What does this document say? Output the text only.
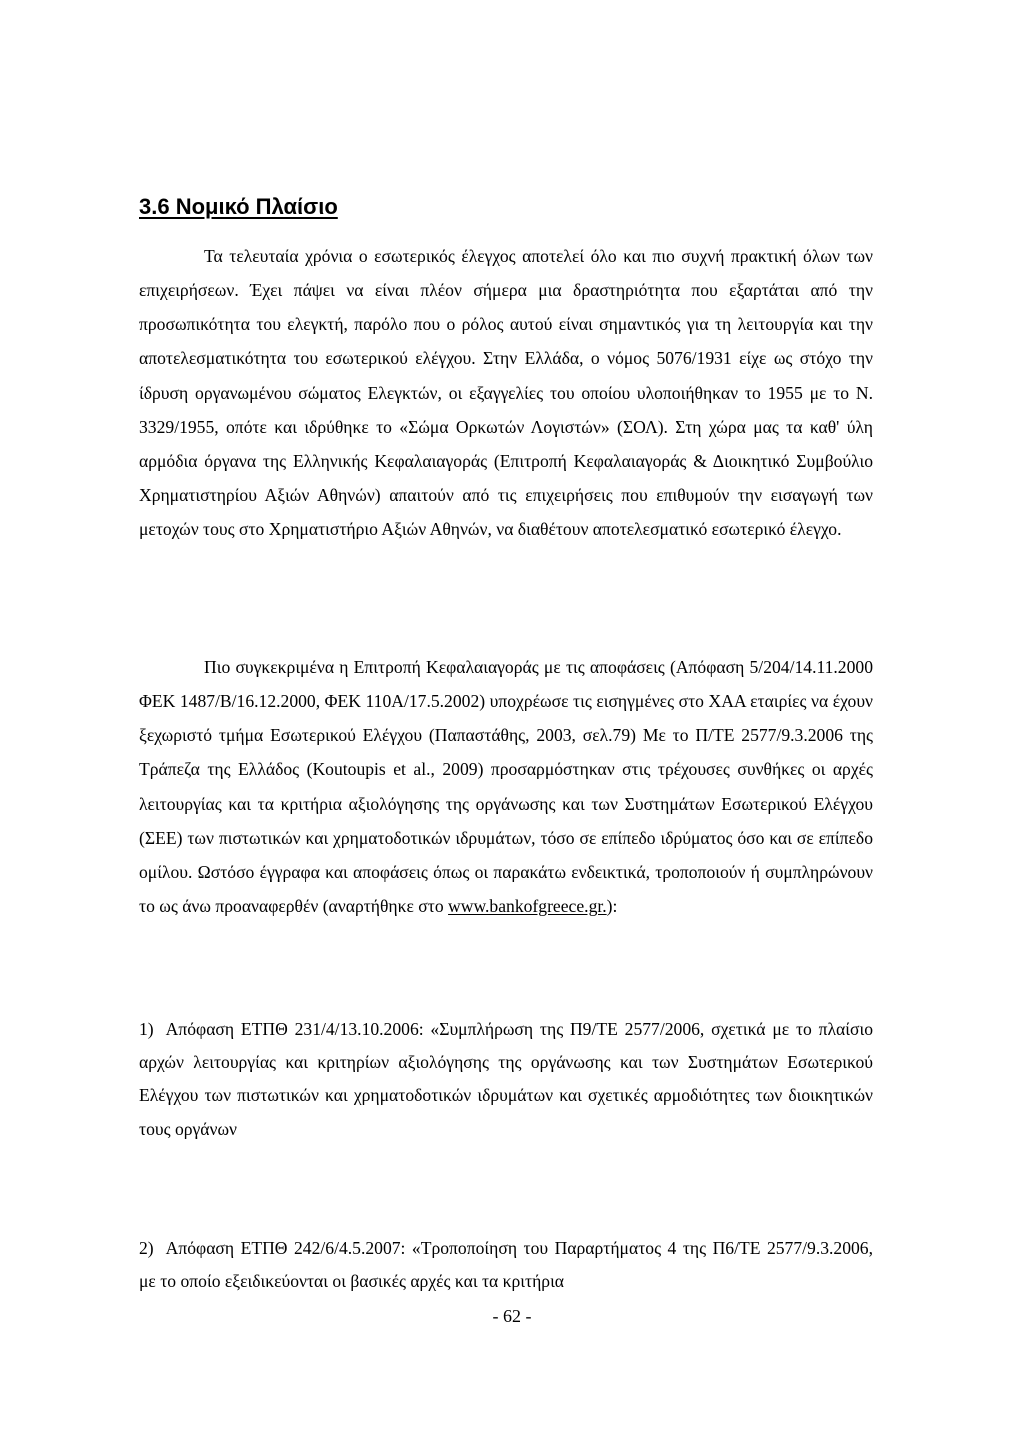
3.6 Νομικό Πλαίσιο

Τα τελευταία χρόνια ο εσωτερικός έλεγχος αποτελεί όλο και πιο συχνή πρακτική όλων των επιχειρήσεων. Έχει πάψει να είναι πλέον σήμερα μια δραστηριότητα που εξαρτάται από την προσωπικότητα του ελεγκτή, παρόλο που ο ρόλος αυτού είναι σημαντικός για τη λειτουργία και την αποτελεσματικότητα του εσωτερικού ελέγχου. Στην Ελλάδα, ο νόμος 5076/1931 είχε ως στόχο την ίδρυση οργανωμένου σώματος Ελεγκτών, οι εξαγγελίες του οποίου υλοποιήθηκαν το 1955 με το Ν. 3329/1955, οπότε και ιδρύθηκε το «Σώμα Ορκωτών Λογιστών» (ΣΟΛ). Στη χώρα μας τα καθ' ύλη αρμόδια όργανα της Ελληνικής Κεφαλαιαγοράς (Επιτροπή Κεφαλαιαγοράς & Διοικητικό Συμβούλιο Χρηματιστηρίου Αξιών Αθηνών) απαιτούν από τις επιχειρήσεις που επιθυμούν την εισαγωγή των μετοχών τους στο Χρηματιστήριο Αξιών Αθηνών, να διαθέτουν αποτελεσματικό εσωτερικό έλεγχο.

Πιο συγκεκριμένα η Επιτροπή Κεφαλαιαγοράς με τις αποφάσεις (Απόφαση 5/204/14.11.2000 ΦΕΚ 1487/Β/16.12.2000, ΦΕΚ 110Α/17.5.2002) υποχρέωσε τις εισηγμένες στο ΧΑΑ εταιρίες να έχουν ξεχωριστό τμήμα Εσωτερικού Ελέγχου (Παπαστάθης, 2003, σελ.79) Με το Π/ΤΕ 2577/9.3.2006 της Τράπεζα της Ελλάδος (Koutoupis et al., 2009) προσαρμόστηκαν στις τρέχουσες συνθήκες οι αρχές λειτουργίας και τα κριτήρια αξιολόγησης της οργάνωσης και των Συστημάτων Εσωτερικού Ελέγχου (ΣΕΕ) των πιστωτικών και χρηματοδοτικών ιδρυμάτων, τόσο σε επίπεδο ιδρύματος όσο και σε επίπεδο ομίλου. Ωστόσο έγγραφα και αποφάσεις όπως οι παρακάτω ενδεικτικά, τροποποιούν ή συμπληρώνουν το ως άνω προαναφερθέν (αναρτήθηκε στο www.bankofgreece.gr.):

1) Απόφαση ΕΤΠΘ 231/4/13.10.2006: «Συμπλήρωση της Π9/ΤΕ 2577/2006, σχετικά με το πλαίσιο αρχών λειτουργίας και κριτηρίων αξιολόγησης της οργάνωσης και των Συστημάτων Εσωτερικού Ελέγχου των πιστωτικών και χρηματοδοτικών ιδρυμάτων και σχετικές αρμοδιότητες των διοικητικών τους οργάνων

2) Απόφαση ΕΤΠΘ 242/6/4.5.2007: «Τροποποίηση του Παραρτήματος 4 της Π6/ΤΕ 2577/9.3.2006, με το οποίο εξειδικεύονται οι βασικές αρχές και τα κριτήρια

- 62 -
